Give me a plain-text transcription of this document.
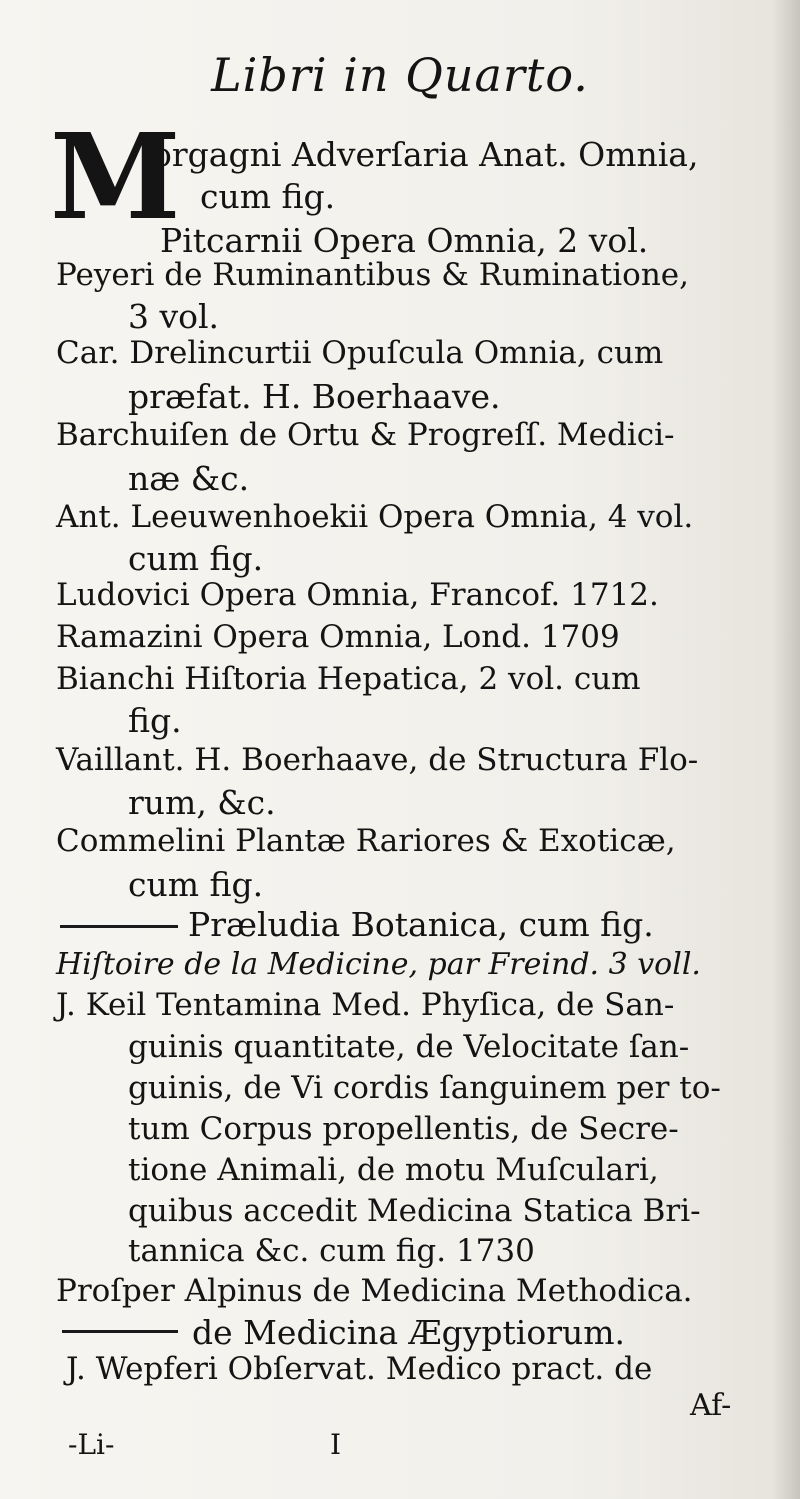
Libri in Quarto.
M
orgagni Adverſaria Anat. Omnia,
cum fig.
Pitcarnii Opera Omnia, 2 vol.
Peyeri de Ruminantibus & Ruminatione,
3 vol.
Car. Drelincurtii Opuſcula Omnia, cum
præfat. H. Boerhaave.
Barchuiſen de Ortu & Progreſſ. Medici-
næ &c.
Ant. Leeuwenhoekii Opera Omnia, 4 vol.
cum fig.
Ludovici Opera Omnia, Francof. 1712.
Ramazini Opera Omnia, Lond. 1709
Bianchi Hiſtoria Hepatica, 2 vol. cum
fig.
Vaillant. H. Boerhaave, de Structura Flo-
rum, &c.
Commelini Plantæ Rariores & Exoticæ,
cum fig.
Præludia Botanica, cum fig.
Hiſtoire de la Medicine, par Freind. 3 voll.
J. Keil Tentamina Med. Phyſica, de San-
guinis quantitate, de Velocitate ſan-
guinis, de Vi cordis ſanguinem per to-
tum Corpus propellentis, de Secre-
tione Animali, de motu Muſculari,
quibus accedit Medicina Statica Bri-
tannica &c. cum fig. 1730
Proſper Alpinus de Medicina Methodica.
de Medicina Ægyptiorum.
J. Wepferi Obſervat. Medico pract. de
Af-
-Li-	I
